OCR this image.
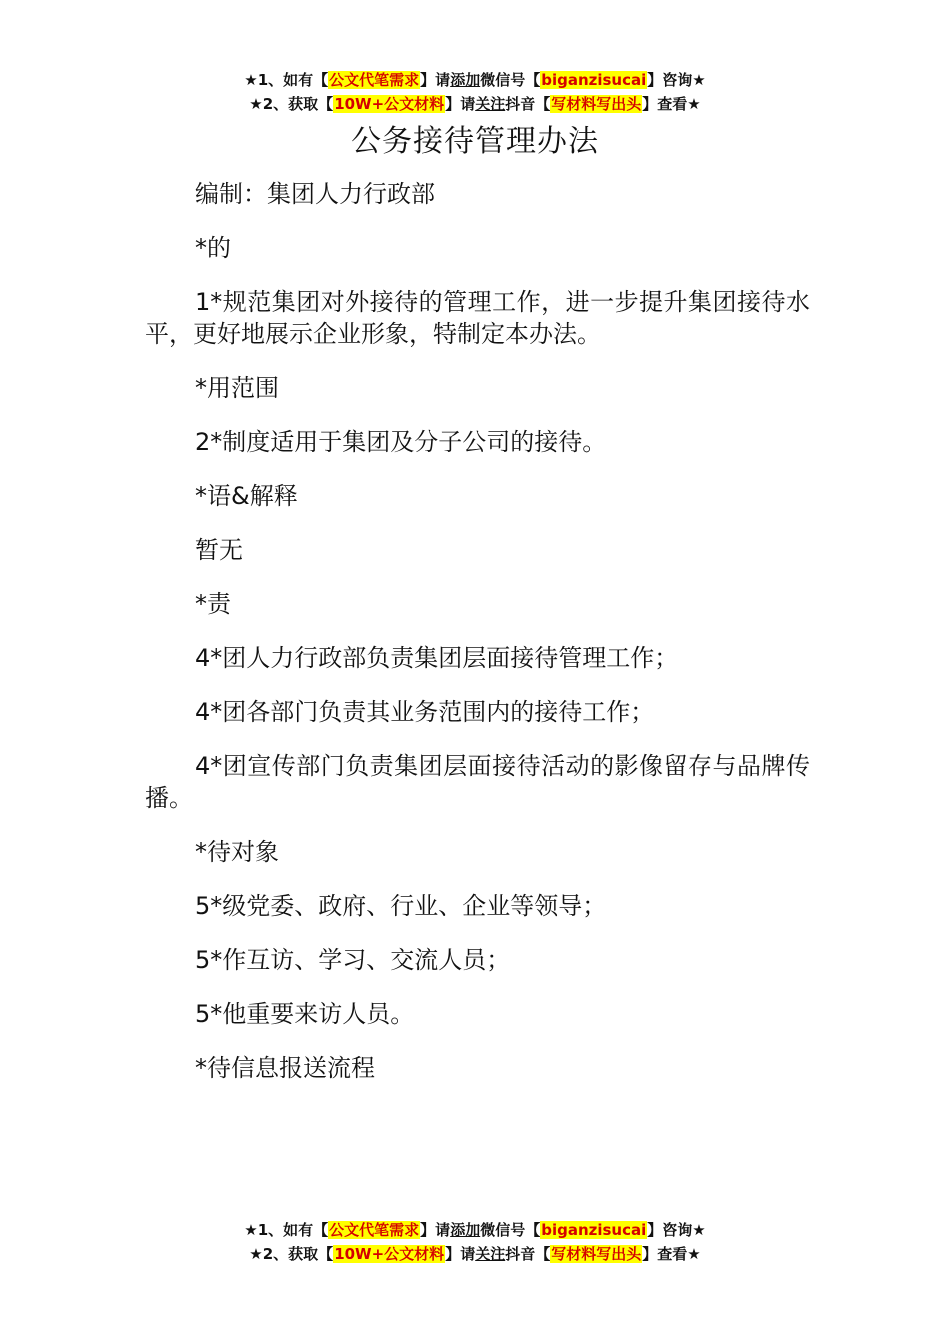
★1、如有【公文代笔需求】请添加微信号【biganzisucai】咨询★
★2、获取【10W+公文材料】请关注抖音【写材料写出头】查看★
公务接待管理办法

编制：集团人力行政部

*的

1*规范集团对外接待的管理工作，进一步提升集团接待水平，更好地展示企业形象，特制定本办法。

*用范围

2*制度适用于集团及分子公司的接待。

*语&解释

暂无

*责

4*团人力行政部负责集团层面接待管理工作；

4*团各部门负责其业务范围内的接待工作；

4*团宣传部门负责集团层面接待活动的影像留存与品牌传播。

*待对象

5*级党委、政府、行业、企业等领导；

5*作互访、学习、交流人员；

5*他重要来访人员。

*待信息报送流程

★1、如有【公文代笔需求】请添加微信号【biganzisucai】咨询★
★2、获取【10W+公文材料】请关注抖音【写材料写出头】查看★
